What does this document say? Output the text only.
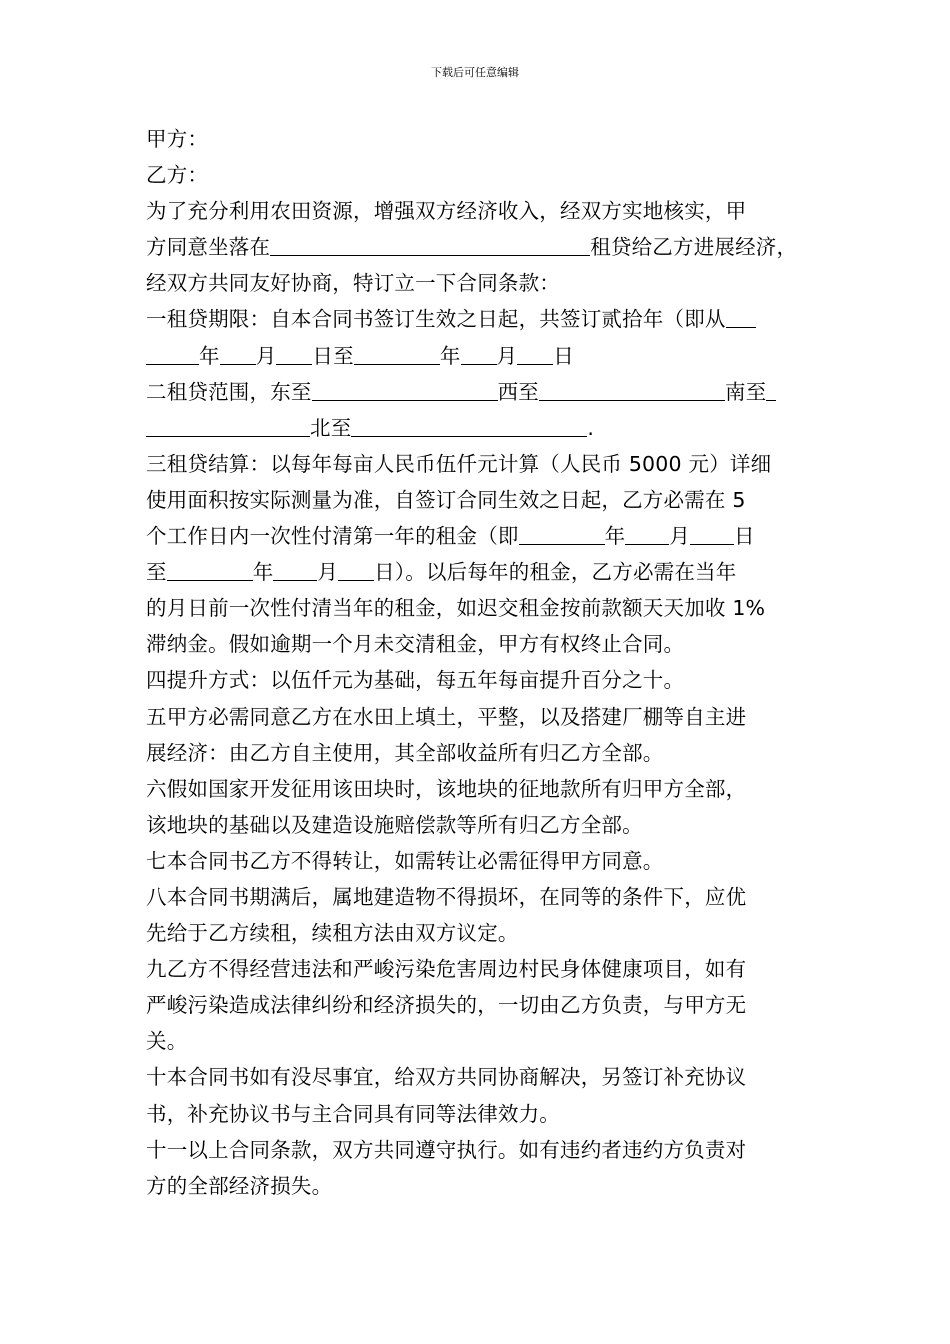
下载后可任意编辑
甲方：
乙方：
为了充分利用农田资源，增强双方经济收入，经双方实地核实，甲
方同意坐落在	租贷给乙方进展经济，
经双方共同友好协商，特订立一下合同条款：
一租贷期限：自本合同书签订生效之日起，共签订贰拾年（即从
年 月 日至	年 月 日
二租贷范围，东至	西至	南至
北至	.
三租贷结算：以每年每亩人民币伍仟元计算（人民币 5000 元）详细
使用面积按实际测量为准，自签订合同生效之日起，乙方必需在 5
个工作日内一次性付清第一年的租金（即	年 月 日
至	年 月 日）。以后每年的租金，乙方必需在当年
的月日前一次性付清当年的租金，如迟交租金按前款额天天加收 1%
滞纳金。假如逾期一个月未交清租金，甲方有权终止合同。
四提升方式：以伍仟元为基础，每五年每亩提升百分之十。
五甲方必需同意乙方在水田上填土，平整，以及搭建厂棚等自主进
展经济：由乙方自主使用，其全部收益所有归乙方全部。
六假如国家开发征用该田块时，该地块的征地款所有归甲方全部，
该地块的基础以及建造设施赔偿款等所有归乙方全部。
七本合同书乙方不得转让，如需转让必需征得甲方同意。
八本合同书期满后，属地建造物不得损坏，在同等的条件下，应优
先给于乙方续租，续租方法由双方议定。
九乙方不得经营违法和严峻污染危害周边村民身体健康项目，如有
严峻污染造成法律纠纷和经济损失的，一切由乙方负责，与甲方无
关。
十本合同书如有没尽事宜，给双方共同协商解决，另签订补充协议
书，补充协议书与主合同具有同等法律效力。
十一以上合同条款，双方共同遵守执行。如有违约者违约方负责对
方的全部经济损失。
